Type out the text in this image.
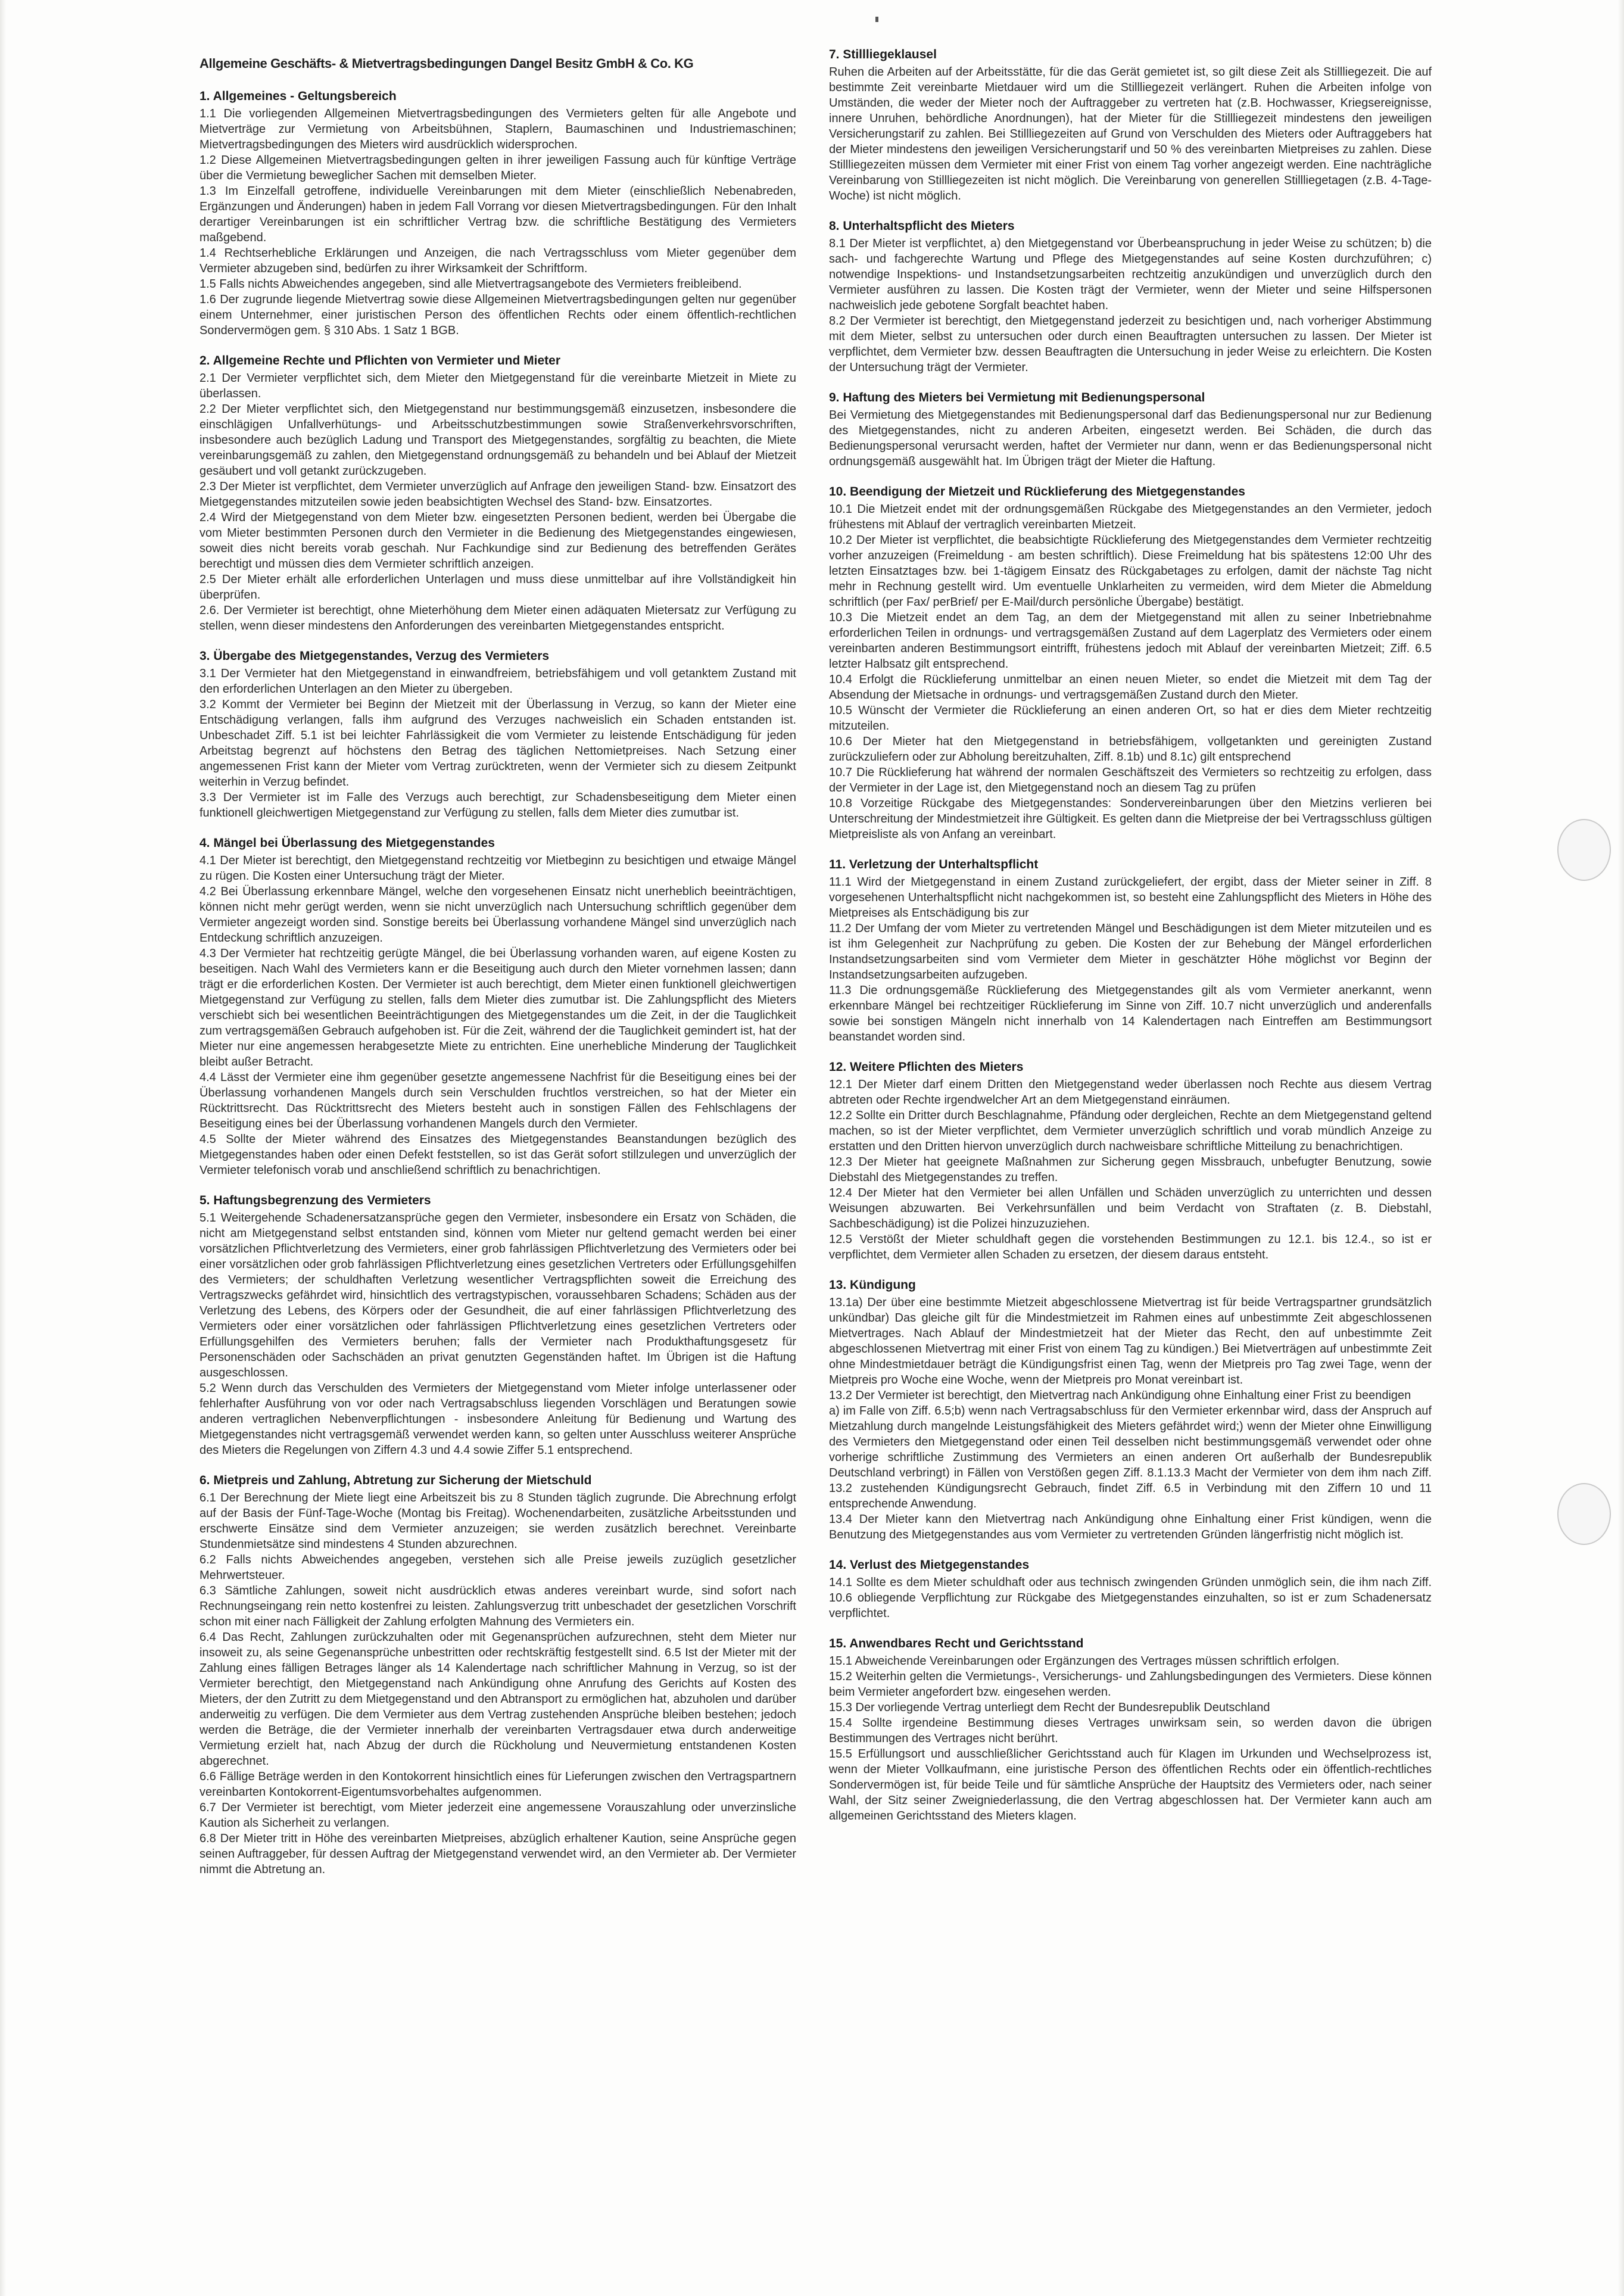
Allgemeine Geschäfts- & Mietvertragsbedingungen Dangel Besitz GmbH & Co. KG
1. Allgemeines - Geltungsbereich

1.1 Die vorliegenden Allgemeinen Mietvertragsbedingungen des Vermieters gelten für alle Angebote und Mietverträge zur Vermietung von Arbeitsbühnen, Staplern, Baumaschinen und Industriemaschinen; Mietvertragsbedingungen des Mieters wird ausdrücklich widersprochen.

1.2 Diese Allgemeinen Mietvertragsbedingungen gelten in ihrer jeweiligen Fassung auch für künftige Verträge über die Vermietung beweglicher Sachen mit demselben Mieter.

1.3 Im Einzelfall getroffene, individuelle Vereinbarungen mit dem Mieter (einschließlich Nebenabreden, Ergänzungen und Änderungen) haben in jedem Fall Vorrang vor diesen Mietvertragsbedingungen. Für den Inhalt derartiger Vereinbarungen ist ein schriftlicher Vertrag bzw. die schriftliche Bestätigung des Vermieters maßgebend.

1.4 Rechtserhebliche Erklärungen und Anzeigen, die nach Vertragsschluss vom Mieter gegenüber dem Vermieter abzugeben sind, bedürfen zu ihrer Wirksamkeit der Schriftform.

1.5 Falls nichts Abweichendes angegeben, sind alle Mietvertragsangebote des Vermieters freibleibend.

1.6 Der zugrunde liegende Mietvertrag sowie diese Allgemeinen Mietvertragsbedingungen gelten nur gegenüber einem Unternehmer, einer juristischen Person des öffentlichen Rechts oder einem öffentlich-rechtlichen Sondervermögen gem. § 310 Abs. 1 Satz 1 BGB.

2. Allgemeine Rechte und Pflichten von Vermieter und Mieter

2.1 Der Vermieter verpflichtet sich, dem Mieter den Mietgegenstand für die vereinbarte Mietzeit in Miete zu überlassen.

2.2 Der Mieter verpflichtet sich, den Mietgegenstand nur bestimmungsgemäß einzusetzen, insbesondere die einschlägigen Unfallverhütungs- und Arbeitsschutzbestimmungen sowie Straßenverkehrsvorschriften, insbesondere auch bezüglich Ladung und Transport des Mietgegenstandes, sorgfältig zu beachten, die Miete vereinbarungsgemäß zu zahlen, den Mietgegenstand ordnungsgemäß zu behandeln und bei Ablauf der Mietzeit gesäubert und voll getankt zurückzugeben.

2.3 Der Mieter ist verpflichtet, dem Vermieter unverzüglich auf Anfrage den jeweiligen Stand- bzw. Einsatzort des Mietgegenstandes mitzuteilen sowie jeden beabsichtigten Wechsel des Stand- bzw. Einsatzortes.

2.4 Wird der Mietgegenstand von dem Mieter bzw. eingesetzten Personen bedient, werden bei Übergabe die vom Mieter bestimmten Personen durch den Vermieter in die Bedienung des Mietgegenstandes eingewiesen, soweit dies nicht bereits vorab geschah. Nur Fachkundige sind zur Bedienung des betreffenden Gerätes berechtigt und müssen dies dem Vermieter schriftlich anzeigen.

2.5 Der Mieter erhält alle erforderlichen Unterlagen und muss diese unmittelbar auf ihre Vollständigkeit hin überprüfen.

2.6. Der Vermieter ist berechtigt, ohne Mieterhöhung dem Mieter einen adäquaten Mietersatz zur Verfügung zu stellen, wenn dieser mindestens den Anforderungen des vereinbarten Mietgegenstandes entspricht.

3. Übergabe des Mietgegenstandes, Verzug des Vermieters

3.1 Der Vermieter hat den Mietgegenstand in einwandfreiem, betriebsfähigem und voll getanktem Zustand mit den erforderlichen Unterlagen an den Mieter zu übergeben.

3.2 Kommt der Vermieter bei Beginn der Mietzeit mit der Überlassung in Verzug, so kann der Mieter eine Entschädigung verlangen, falls ihm aufgrund des Verzuges nachweislich ein Schaden entstanden ist. Unbeschadet Ziff. 5.1 ist bei leichter Fahrlässigkeit die vom Vermieter zu leistende Entschädigung für jeden Arbeitstag begrenzt auf höchstens den Betrag des täglichen Nettomietpreises. Nach Setzung einer angemessenen Frist kann der Mieter vom Vertrag zurücktreten, wenn der Vermieter sich zu diesem Zeitpunkt weiterhin in Verzug befindet.

3.3 Der Vermieter ist im Falle des Verzugs auch berechtigt, zur Schadensbeseitigung dem Mieter einen funktionell gleichwertigen Mietgegenstand zur Verfügung zu stellen, falls dem Mieter dies zumutbar ist.

4. Mängel bei Überlassung des Mietgegenstandes

4.1 Der Mieter ist berechtigt, den Mietgegenstand rechtzeitig vor Mietbeginn zu besichtigen und etwaige Mängel zu rügen. Die Kosten einer Untersuchung trägt der Mieter.

4.2 Bei Überlassung erkennbare Mängel, welche den vorgesehenen Einsatz nicht unerheblich beeinträchtigen, können nicht mehr gerügt werden, wenn sie nicht unverzüglich nach Untersuchung schriftlich gegenüber dem Vermieter angezeigt worden sind. Sonstige bereits bei Überlassung vorhandene Mängel sind unverzüglich nach Entdeckung schriftlich anzuzeigen.

4.3 Der Vermieter hat rechtzeitig gerügte Mängel, die bei Überlassung vorhanden waren, auf eigene Kosten zu beseitigen. Nach Wahl des Vermieters kann er die Beseitigung auch durch den Mieter vornehmen lassen; dann trägt er die erforderlichen Kosten. Der Vermieter ist auch berechtigt, dem Mieter einen funktionell gleichwertigen Mietgegenstand zur Verfügung zu stellen, falls dem Mieter dies zumutbar ist. Die Zahlungspflicht des Mieters verschiebt sich bei wesentlichen Beeinträchtigungen des Mietgegenstandes um die Zeit, in der die Tauglichkeit zum vertragsgemäßen Gebrauch aufgehoben ist. Für die Zeit, während der die Tauglichkeit gemindert ist, hat der Mieter nur eine angemessen herabgesetzte Miete zu entrichten. Eine unerhebliche Minderung der Tauglichkeit bleibt außer Betracht.

4.4 Lässt der Vermieter eine ihm gegenüber gesetzte angemessene Nachfrist für die Beseitigung eines bei der Überlassung vorhandenen Mangels durch sein Verschulden fruchtlos verstreichen, so hat der Mieter ein Rücktrittsrecht. Das Rücktrittsrecht des Mieters besteht auch in sonstigen Fällen des Fehlschlagens der Beseitigung eines bei der Überlassung vorhandenen Mangels durch den Vermieter.

4.5 Sollte der Mieter während des Einsatzes des Mietgegenstandes Beanstandungen bezüglich des Mietgegenstandes haben oder einen Defekt feststellen, so ist das Gerät sofort stillzulegen und unverzüglich der Vermieter telefonisch vorab und anschließend schriftlich zu benachrichtigen.

5. Haftungsbegrenzung des Vermieters

5.1 Weitergehende Schadenersatzansprüche gegen den Vermieter, insbesondere ein Ersatz von Schäden, die nicht am Mietgegenstand selbst entstanden sind, können vom Mieter nur geltend gemacht werden bei einer vorsätzlichen Pflichtverletzung des Vermieters, einer grob fahrlässigen Pflichtverletzung des Vermieters oder bei einer vorsätzlichen oder grob fahrlässigen Pflichtverletzung eines gesetzlichen Vertreters oder Erfüllungsgehilfen des Vermieters; der schuldhaften Verletzung wesentlicher Vertragspflichten soweit die Erreichung des Vertragszwecks gefährdet wird, hinsichtlich des vertragstypischen, voraussehbaren Schadens; Schäden aus der Verletzung des Lebens, des Körpers oder der Gesundheit, die auf einer fahrlässigen Pflichtverletzung des Vermieters oder einer vorsätzlichen oder fahrlässigen Pflichtverletzung eines gesetzlichen Vertreters oder Erfüllungsgehilfen des Vermieters beruhen; falls der Vermieter nach Produkthaftungsgesetz für Personenschäden oder Sachschäden an privat genutzten Gegenständen haftet. Im Übrigen ist die Haftung ausgeschlossen.

5.2 Wenn durch das Verschulden des Vermieters der Mietgegenstand vom Mieter infolge unterlassener oder fehlerhafter Ausführung von vor oder nach Vertragsabschluss liegenden Vorschlägen und Beratungen sowie anderen vertraglichen Nebenverpflichtungen - insbesondere Anleitung für Bedienung und Wartung des Mietgegenstandes nicht vertragsgemäß verwendet werden kann, so gelten unter Ausschluss weiterer Ansprüche des Mieters die Regelungen von Ziffern 4.3 und 4.4 sowie Ziffer 5.1 entsprechend.

6. Mietpreis und Zahlung, Abtretung zur Sicherung der Mietschuld

6.1 Der Berechnung der Miete liegt eine Arbeitszeit bis zu 8 Stunden täglich zugrunde. Die Abrechnung erfolgt auf der Basis der Fünf-Tage-Woche (Montag bis Freitag). Wochenendarbeiten, zusätzliche Arbeitsstunden und erschwerte Einsätze sind dem Vermieter anzuzeigen; sie werden zusätzlich berechnet. Vereinbarte Stundenmietsätze sind mindestens 4 Stunden abzurechnen.

6.2 Falls nichts Abweichendes angegeben, verstehen sich alle Preise jeweils zuzüglich gesetzlicher Mehrwertsteuer.

6.3 Sämtliche Zahlungen, soweit nicht ausdrücklich etwas anderes vereinbart wurde, sind sofort nach Rechnungseingang rein netto kostenfrei zu leisten. Zahlungsverzug tritt unbeschadet der gesetzlichen Vorschrift schon mit einer nach Fälligkeit der Zahlung erfolgten Mahnung des Vermieters ein.

6.4 Das Recht, Zahlungen zurückzuhalten oder mit Gegenansprüchen aufzurechnen, steht dem Mieter nur insoweit zu, als seine Gegenansprüche unbestritten oder rechtskräftig festgestellt sind. 6.5 Ist der Mieter mit der Zahlung eines fälligen Betrages länger als 14 Kalendertage nach schriftlicher Mahnung in Verzug, so ist der Vermieter berechtigt, den Mietgegenstand nach Ankündigung ohne Anrufung des Gerichts auf Kosten des Mieters, der den Zutritt zu dem Mietgegenstand und den Abtransport zu ermöglichen hat, abzuholen und darüber anderweitig zu verfügen. Die dem Vermieter aus dem Vertrag zustehenden Ansprüche bleiben bestehen; jedoch werden die Beträge, die der Vermieter innerhalb der vereinbarten Vertragsdauer etwa durch anderweitige Vermietung erzielt hat, nach Abzug der durch die Rückholung und Neuvermietung entstandenen Kosten abgerechnet.

6.6 Fällige Beträge werden in den Kontokorrent hinsichtlich eines für Lieferungen zwischen den Vertragspartnern vereinbarten Kontokorrent-Eigentumsvorbehaltes aufgenommen.

6.7 Der Vermieter ist berechtigt, vom Mieter jederzeit eine angemessene Vorauszahlung oder unverzinsliche Kaution als Sicherheit zu verlangen.

6.8 Der Mieter tritt in Höhe des vereinbarten Mietpreises, abzüglich erhaltener Kaution, seine Ansprüche gegen seinen Auftraggeber, für dessen Auftrag der Mietgegenstand verwendet wird, an den Vermieter ab. Der Vermieter nimmt die Abtretung an.

7. Stillliegeklausel

Ruhen die Arbeiten auf der Arbeitsstätte, für die das Gerät gemietet ist, so gilt diese Zeit als Stillliegezeit. Die auf bestimmte Zeit vereinbarte Mietdauer wird um die Stillliegezeit verlängert. Ruhen die Arbeiten infolge von Umständen, die weder der Mieter noch der Auftraggeber zu vertreten hat (z.B. Hochwasser, Kriegsereignisse, innere Unruhen, behördliche Anordnungen), hat der Mieter für die Stillliegezeit mindestens den jeweiligen Versicherungstarif zu zahlen. Bei Stillliegezeiten auf Grund von Verschulden des Mieters oder Auftraggebers hat der Mieter mindestens den jeweiligen Versicherungstarif und 50 % des vereinbarten Mietpreises zu zahlen. Diese Stillliegezeiten müssen dem Vermieter mit einer Frist von einem Tag vorher angezeigt werden. Eine nachträgliche Vereinbarung von Stillliegezeiten ist nicht möglich. Die Vereinbarung von generellen Stillliegetagen (z.B. 4-Tage-Woche) ist nicht möglich.

8. Unterhaltspflicht des Mieters

8.1 Der Mieter ist verpflichtet, a) den Mietgegenstand vor Überbeanspruchung in jeder Weise zu schützen; b) die sach- und fachgerechte Wartung und Pflege des Mietgegenstandes auf seine Kosten durchzuführen; c) notwendige Inspektions- und Instandsetzungsarbeiten rechtzeitig anzukündigen und unverzüglich durch den Vermieter ausführen zu lassen. Die Kosten trägt der Vermieter, wenn der Mieter und seine Hilfspersonen nachweislich jede gebotene Sorgfalt beachtet haben.

8.2 Der Vermieter ist berechtigt, den Mietgegenstand jederzeit zu besichtigen und, nach vorheriger Abstimmung mit dem Mieter, selbst zu untersuchen oder durch einen Beauftragten untersuchen zu lassen. Der Mieter ist verpflichtet, dem Vermieter bzw. dessen Beauftragten die Untersuchung in jeder Weise zu erleichtern. Die Kosten der Untersuchung trägt der Vermieter.

9. Haftung des Mieters bei Vermietung mit Bedienungspersonal

Bei Vermietung des Mietgegenstandes mit Bedienungspersonal darf das Bedienungspersonal nur zur Bedienung des Mietgegenstandes, nicht zu anderen Arbeiten, eingesetzt werden. Bei Schäden, die durch das Bedienungspersonal verursacht werden, haftet der Vermieter nur dann, wenn er das Bedienungspersonal nicht ordnungsgemäß ausgewählt hat. Im Übrigen trägt der Mieter die Haftung.

10. Beendigung der Mietzeit und Rücklieferung des Mietgegenstandes

10.1 Die Mietzeit endet mit der ordnungsgemäßen Rückgabe des Mietgegenstandes an den Vermieter, jedoch frühestens mit Ablauf der vertraglich vereinbarten Mietzeit.

10.2 Der Mieter ist verpflichtet, die beabsichtigte Rücklieferung des Mietgegenstandes dem Vermieter rechtzeitig vorher anzuzeigen (Freimeldung - am besten schriftlich). Diese Freimeldung hat bis spätestens 12:00 Uhr des letzten Einsatztages bzw. bei 1-tägigem Einsatz des Rückgabetages zu erfolgen, damit der nächste Tag nicht mehr in Rechnung gestellt wird. Um eventuelle Unklarheiten zu vermeiden, wird dem Mieter die Abmeldung schriftlich (per Fax/ perBrief/ per E-Mail/durch persönliche Übergabe) bestätigt.

10.3 Die Mietzeit endet an dem Tag, an dem der Mietgegenstand mit allen zu seiner Inbetriebnahme erforderlichen Teilen in ordnungs- und vertragsgemäßen Zustand auf dem Lagerplatz des Vermieters oder einem vereinbarten anderen Bestimmungsort eintrifft, frühestens jedoch mit Ablauf der vereinbarten Mietzeit; Ziff. 6.5 letzter Halbsatz gilt entsprechend.

10.4 Erfolgt die Rücklieferung unmittelbar an einen neuen Mieter, so endet die Mietzeit mit dem Tag der Absendung der Mietsache in ordnungs- und vertragsgemäßen Zustand durch den Mieter.

10.5 Wünscht der Vermieter die Rücklieferung an einen anderen Ort, so hat er dies dem Mieter rechtzeitig mitzuteilen.

10.6 Der Mieter hat den Mietgegenstand in betriebsfähigem, vollgetankten und gereinigten Zustand zurückzuliefern oder zur Abholung bereitzuhalten, Ziff. 8.1b) und 8.1c) gilt entsprechend

10.7 Die Rücklieferung hat während der normalen Geschäftszeit des Vermieters so rechtzeitig zu erfolgen, dass der Vermieter in der Lage ist, den Mietgegenstand noch an diesem Tag zu prüfen

10.8 Vorzeitige Rückgabe des Mietgegenstandes: Sondervereinbarungen über den Mietzins verlieren bei Unterschreitung der Mindestmietzeit ihre Gültigkeit. Es gelten dann die Mietpreise der bei Vertragsschluss gültigen Mietpreisliste als von Anfang an vereinbart.

11. Verletzung der Unterhaltspflicht

11.1 Wird der Mietgegenstand in einem Zustand zurückgeliefert, der ergibt, dass der Mieter seiner in Ziff. 8 vorgesehenen Unterhaltspflicht nicht nachgekommen ist, so besteht eine Zahlungspflicht des Mieters in Höhe des Mietpreises als Entschädigung bis zur

11.2 Der Umfang der vom Mieter zu vertretenden Mängel und Beschädigungen ist dem Mieter mitzuteilen und es ist ihm Gelegenheit zur Nachprüfung zu geben. Die Kosten der zur Behebung der Mängel erforderlichen Instandsetzungsarbeiten sind vom Vermieter dem Mieter in geschätzter Höhe möglichst vor Beginn der Instandsetzungsarbeiten aufzugeben.

11.3 Die ordnungsgemäße Rücklieferung des Mietgegenstandes gilt als vom Vermieter anerkannt, wenn erkennbare Mängel bei rechtzeitiger Rücklieferung im Sinne von Ziff. 10.7 nicht unverzüglich und anderenfalls sowie bei sonstigen Mängeln nicht innerhalb von 14 Kalendertagen nach Eintreffen am Bestimmungsort beanstandet worden sind.

12. Weitere Pflichten des Mieters

12.1 Der Mieter darf einem Dritten den Mietgegenstand weder überlassen noch Rechte aus diesem Vertrag abtreten oder Rechte irgendwelcher Art an dem Mietgegenstand einräumen.

12.2 Sollte ein Dritter durch Beschlagnahme, Pfändung oder dergleichen, Rechte an dem Mietgegenstand geltend machen, so ist der Mieter verpflichtet, dem Vermieter unverzüglich schriftlich und vorab mündlich Anzeige zu erstatten und den Dritten hiervon unverzüglich durch nachweisbare schriftliche Mitteilung zu benachrichtigen.

12.3 Der Mieter hat geeignete Maßnahmen zur Sicherung gegen Missbrauch, unbefugter Benutzung, sowie Diebstahl des Mietgegenstandes zu treffen.

12.4 Der Mieter hat den Vermieter bei allen Unfällen und Schäden unverzüglich zu unterrichten und dessen Weisungen abzuwarten. Bei Verkehrsunfällen und beim Verdacht von Straftaten (z. B. Diebstahl, Sachbeschädigung) ist die Polizei hinzuzuziehen.

12.5 Verstößt der Mieter schuldhaft gegen die vorstehenden Bestimmungen zu 12.1. bis 12.4., so ist er verpflichtet, dem Vermieter allen Schaden zu ersetzen, der diesem daraus entsteht.

13. Kündigung

13.1a) Der über eine bestimmte Mietzeit abgeschlossene Mietvertrag ist für beide Vertragspartner grundsätzlich unkündbar) Das gleiche gilt für die Mindestmietzeit im Rahmen eines auf unbestimmte Zeit abgeschlossenen Mietvertrages. Nach Ablauf der Mindestmietzeit hat der Mieter das Recht, den auf unbestimmte Zeit abgeschlossenen Mietvertrag mit einer Frist von einem Tag zu kündigen.) Bei Mietverträgen auf unbestimmte Zeit ohne Mindestmietdauer beträgt die Kündigungsfrist einen Tag, wenn der Mietpreis pro Tag zwei Tage, wenn der Mietpreis pro Woche eine Woche, wenn der Mietpreis pro Monat vereinbart ist.

13.2 Der Vermieter ist berechtigt, den Mietvertrag nach Ankündigung ohne Einhaltung einer Frist zu beendigen

a) im Falle von Ziff. 6.5;b) wenn nach Vertragsabschluss für den Vermieter erkennbar wird, dass der Anspruch auf Mietzahlung durch mangelnde Leistungsfähigkeit des Mieters gefährdet wird;) wenn der Mieter ohne Einwilligung des Vermieters den Mietgegenstand oder einen Teil desselben nicht bestimmungsgemäß verwendet oder ohne vorherige schriftliche Zustimmung des Vermieters an einen anderen Ort außerhalb der Bundesrepublik Deutschland verbringt) in Fällen von Verstößen gegen Ziff. 8.1.13.3 Macht der Vermieter von dem ihm nach Ziff. 13.2 zustehenden Kündigungsrecht Gebrauch, findet Ziff. 6.5 in Verbindung mit den Ziffern 10 und 11 entsprechende Anwendung.

13.4 Der Mieter kann den Mietvertrag nach Ankündigung ohne Einhaltung einer Frist kündigen, wenn die Benutzung des Mietgegenstandes aus vom Vermieter zu vertretenden Gründen längerfristig nicht möglich ist.

14. Verlust des Mietgegenstandes

14.1 Sollte es dem Mieter schuldhaft oder aus technisch zwingenden Gründen unmöglich sein, die ihm nach Ziff. 10.6 obliegende Verpflichtung zur Rückgabe des Mietgegenstandes einzuhalten, so ist er zum Schadenersatz verpflichtet.

15. Anwendbares Recht und Gerichtsstand

15.1 Abweichende Vereinbarungen oder Ergänzungen des Vertrages müssen schriftlich erfolgen.

15.2 Weiterhin gelten die Vermietungs-, Versicherungs- und Zahlungsbedingungen des Vermieters. Diese können beim Vermieter angefordert bzw. eingesehen werden.

15.3 Der vorliegende Vertrag unterliegt dem Recht der Bundesrepublik Deutschland

15.4 Sollte irgendeine Bestimmung dieses Vertrages unwirksam sein, so werden davon die übrigen Bestimmungen des Vertrages nicht berührt.

15.5 Erfüllungsort und ausschließlicher Gerichtsstand auch für Klagen im Urkunden und Wechselprozess ist, wenn der Mieter Vollkaufmann, eine juristische Person des öffentlichen Rechts oder ein öffentlich-rechtliches Sondervermögen ist, für beide Teile und für sämtliche Ansprüche der Hauptsitz des Vermieters oder, nach seiner Wahl, der Sitz seiner Zweigniederlassung, die den Vertrag abgeschlossen hat. Der Vermieter kann auch am allgemeinen Gerichtsstand des Mieters klagen.
